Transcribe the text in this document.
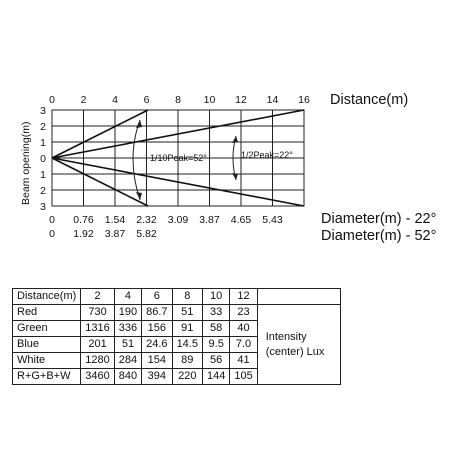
Distance(m)
Beam opening(m)
0 2 4 6 8 10 12 14 16
3
2
1
0
1
2
3
1/10Peak=52°	1/2Peak=22°
0 0.76 1.54 2.32 3.09 3.87 4.65 5.43
0 1.92 3.87 5.82
Diameter(m) - 22°
Diameter(m) - 52°
Distance(m)	2	4	6	8	10	12	
Red	730	190	86.7	51	33	23	Intensity
(center) Lux

Green	1316	336	156	91	58	40	
Blue	201	51	24.6	14.5	9.5	7.0	
White	1280	284	154	89	56	41	
R+G+B+W	3460	840	394	220	144	105	
